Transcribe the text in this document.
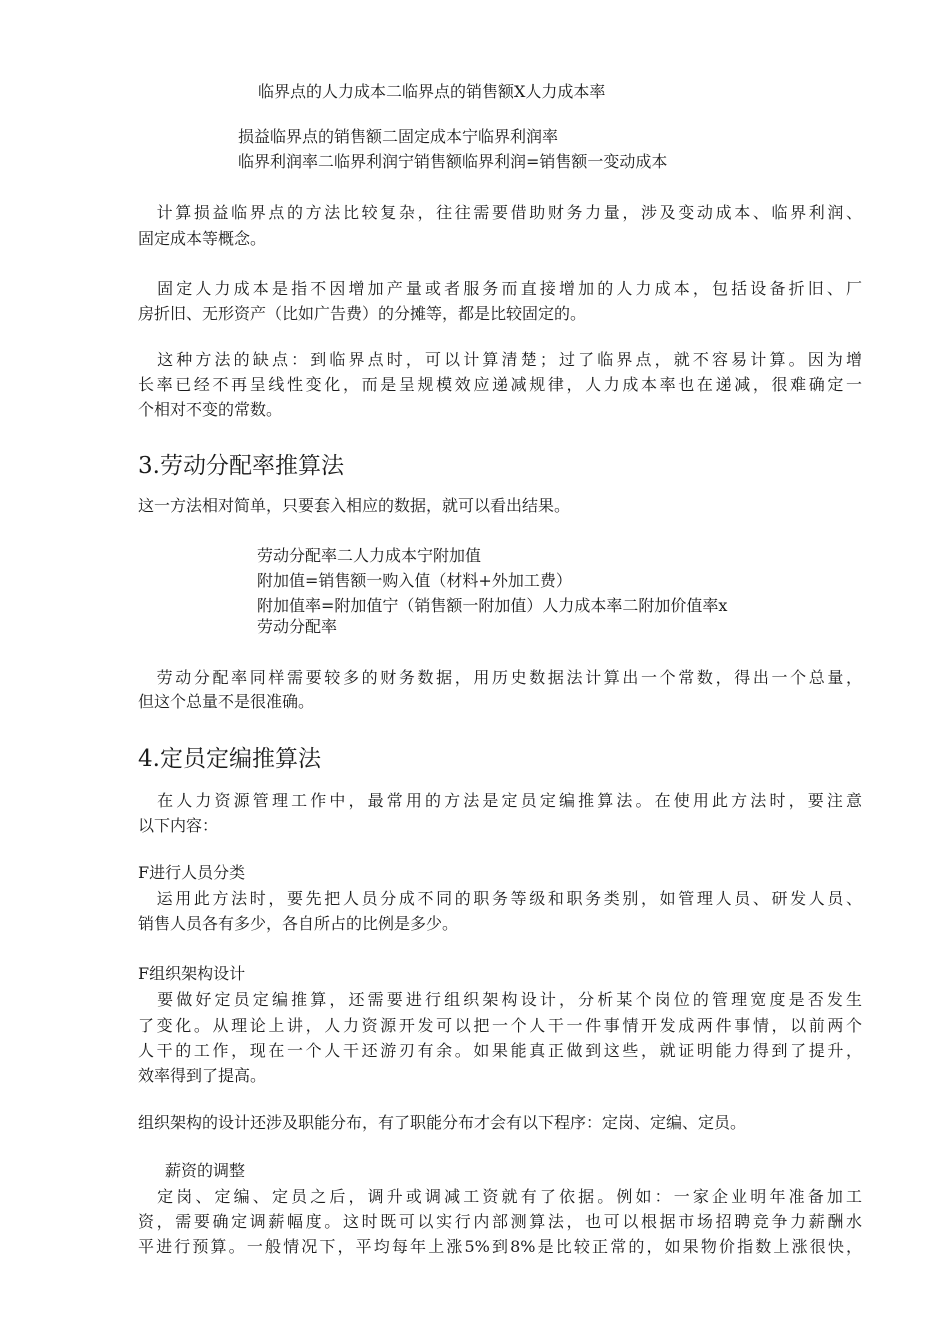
临界点的人力成本二临界点的销售额X人力成本率
损益临界点的销售额二固定成本宁临界利润率
临界利润率二临界利润宁销售额临界利润=销售额一变动成本
　计算损益临界点的方法比较复杂，往往需要借助财务力量，涉及变动成本、临界利润、
固定成本等概念。
　固定人力成本是指不因增加产量或者服务而直接增加的人力成本，包括设备折旧、厂
房折旧、无形资产（比如广告费）的分摊等，都是比较固定的。
　这种方法的缺点：到临界点时，可以计算清楚；过了临界点，就不容易计算。因为增
长率已经不再呈线性变化，而是呈规模效应递减规律，人力成本率也在递减，很难确定一
个相对不变的常数。
3.劳动分配率推算法
这一方法相对简单，只要套入相应的数据，就可以看出结果。
劳动分配率二人力成本宁附加值
附加值=销售额一购入值（材料+外加工费）
附加值率=附加值宁（销售额一附加值）人力成本率二附加价值率x
劳动分配率
　劳动分配率同样需要较多的财务数据，用历史数据法计算出一个常数，得出一个总量，
但这个总量不是很准确。
4.定员定编推算法
　在人力资源管理工作中，最常用的方法是定员定编推算法。在使用此方法时，要注意
以下内容：
F进行人员分类
　运用此方法时，要先把人员分成不同的职务等级和职务类别，如管理人员、研发人员、
销售人员各有多少，各自所占的比例是多少。
F组织架构设计
　要做好定员定编推算，还需要进行组织架构设计，分析某个岗位的管理宽度是否发生
了变化。从理论上讲，人力资源开发可以把一个人干一件事情开发成两件事情，以前两个
人干的工作，现在一个人干还游刃有余。如果能真正做到这些，就证明能力得到了提升，
效率得到了提高。
组织架构的设计还涉及职能分布，有了职能分布才会有以下程序：定岗、定编、定员。
薪资的调整
　定岗、定编、定员之后，调升或调减工资就有了依据。例如：一家企业明年准备加工
资，需要确定调薪幅度。这时既可以实行内部测算法，也可以根据市场招聘竞争力薪酬水
平进行预算。一般情况下，平均每年上涨5%到8%是比较正常的，如果物价指数上涨很快，
